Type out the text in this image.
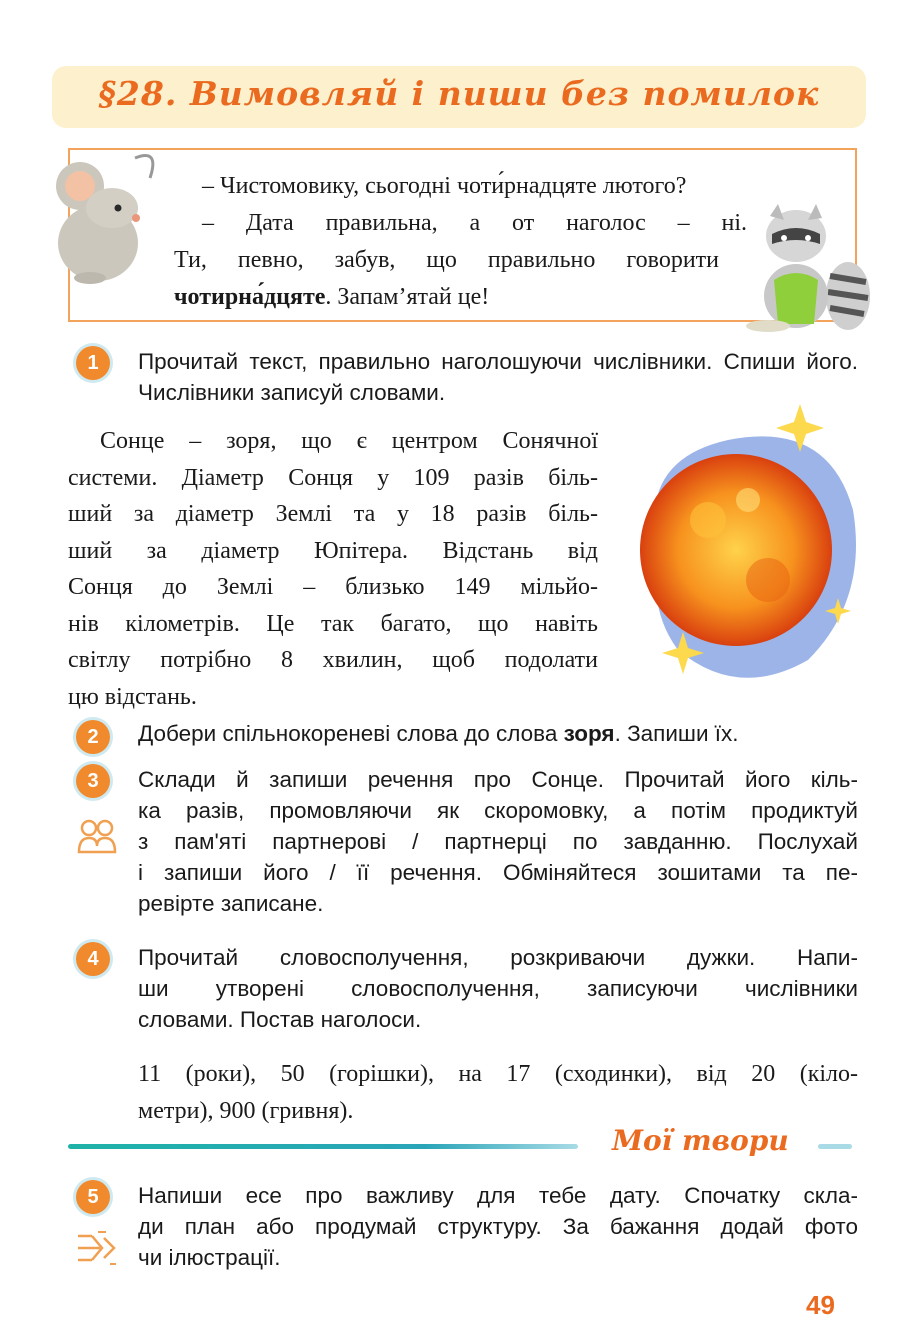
§28. Вимовляй і пиши без помилок

– Чистомовику, сьогодні чоти́рнадцяте лютого?

– Дата правильна, а от наголос – ні.

Ти, певно, забув, що правильно говорити

чотирна́дцяте. Запам’ятай це!

1	Прочитай текст, правильно наголошуючи числівники. Спиши його. Числівники записуй словами.

Сонце – зоря, що є центром Сонячної

системи. Діаметр Сонця у 109 разів біль-

ший за діаметр Землі та у 18 разів біль-

ший за діаметр Юпітера. Відстань від

Сонця до Землі – близько 149 мільйо-

нів кілометрів. Це так багато, що навіть

світлу потрібно 8 хвилин, щоб подолати

цю відстань.

2	Добери спільнокореневі слова до слова зоря. Запиши їх.

3	Склади й запиши речення про Сонце. Прочитай його кіль-

ка разів, промовляючи як скоромовку, а потім продиктуй

з пам'яті партнерові / партнерці по завданню. Послухай

і запиши його / її речення. Обміняйтеся зошитами та пе-

ревірте записане.

4	Прочитай словосполучення, розкриваючи дужки. Напи-

ши утворені словосполучення, записуючи числівники

словами. Постав наголоси.

11 (роки), 50 (горішки), на 17 (сходинки), від 20 (кіло-

метри), 900 (гривня).

Мої твори
5	Напиши есе про важливу для тебе дату. Спочатку скла-

ди план або продумай структуру. За бажання додай фото

чи ілюстрації.

49
